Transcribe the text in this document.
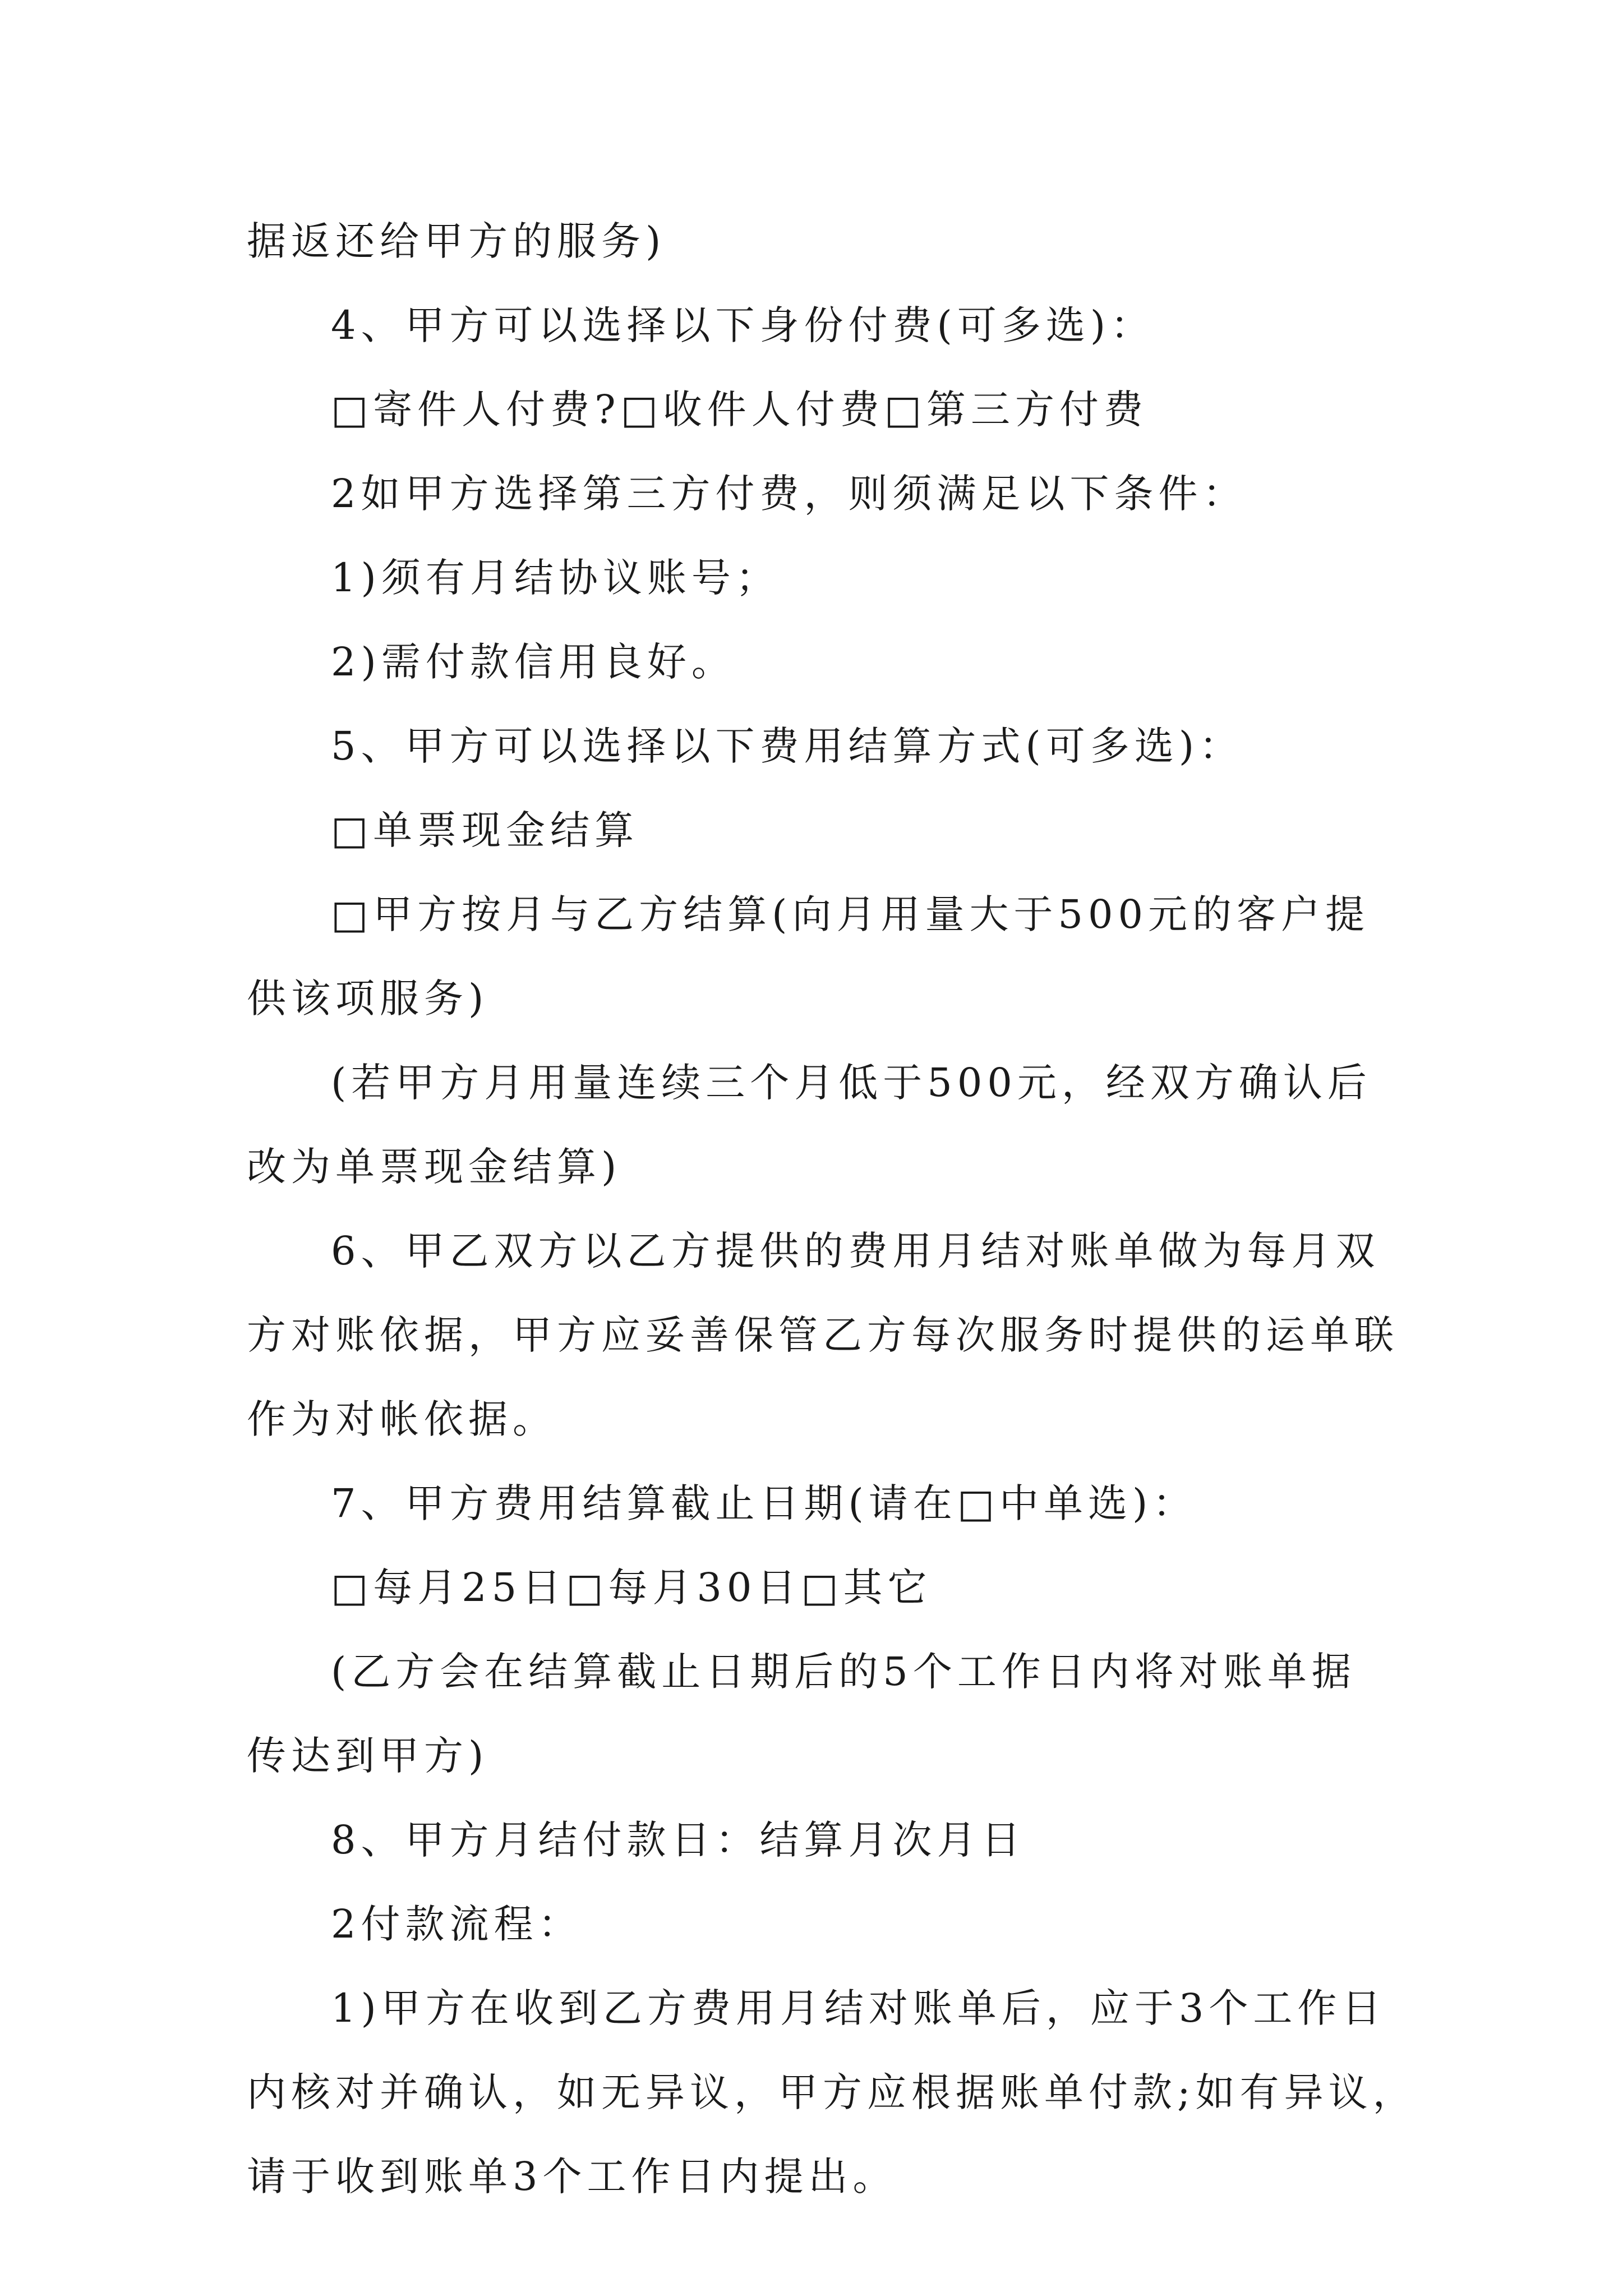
据返还给甲方的服务)
4、甲方可以选择以下身份付费(可多选)：
□寄件人付费?□收件人付费□第三方付费
2如甲方选择第三方付费，则须满足以下条件：
1)须有月结协议账号；
2)需付款信用良好。
5、甲方可以选择以下费用结算方式(可多选)：
□单票现金结算
□甲方按月与乙方结算(向月用量大于500元的客户提
供该项服务)
(若甲方月用量连续三个月低于500元，经双方确认后
改为单票现金结算)
6、甲乙双方以乙方提供的费用月结对账单做为每月双
方对账依据，甲方应妥善保管乙方每次服务时提供的运单联
作为对帐依据。
7、甲方费用结算截止日期(请在□中单选)：
□每月25日□每月30日□其它
(乙方会在结算截止日期后的5个工作日内将对账单据
传达到甲方)
8、甲方月结付款日：结算月次月日
2付款流程：
1)甲方在收到乙方费用月结对账单后，应于3个工作日
内核对并确认，如无异议，甲方应根据账单付款;如有异议，
请于收到账单3个工作日内提出。
